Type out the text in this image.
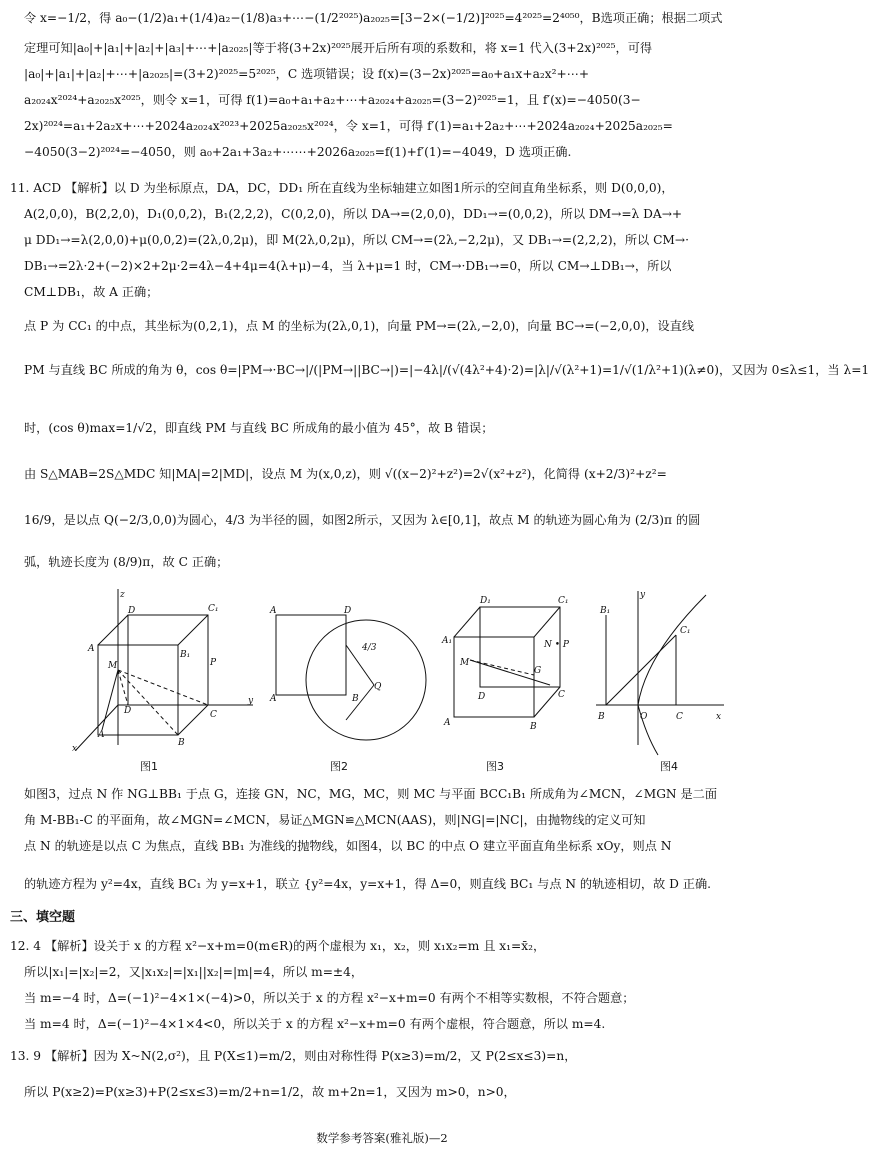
令 x=−1/2，得 a₀−(1/2)a₁+(1/4)a₂−(1/8)a₃+⋯−(1/2²⁰²⁵)a₂₀₂₅=[3−2×(−1/2)]²⁰²⁵=4²⁰²⁵=2⁴⁰⁵⁰，B选项正确；根据二项式
定理可知|a₀|+|a₁|+|a₂|+|a₃|+⋯+|a₂₀₂₅|等于将(3+2x)²⁰²⁵展开后所有项的系数和，将 x=1 代入(3+2x)²⁰²⁵，可得
|a₀|+|a₁|+|a₂|+⋯+|a₂₀₂₅|=(3+2)²⁰²⁵=5²⁰²⁵，C 选项错误；设 f(x)=(3−2x)²⁰²⁵=a₀+a₁x+a₂x²+⋯+
a₂₀₂₄x²⁰²⁴+a₂₀₂₅x²⁰²⁵，则令 x=1，可得 f(1)=a₀+a₁+a₂+⋯+a₂₀₂₄+a₂₀₂₅=(3−2)²⁰²⁵=1，且 f′(x)=−4050(3−
2x)²⁰²⁴=a₁+2a₂x+⋯+2024a₂₀₂₄x²⁰²³+2025a₂₀₂₅x²⁰²⁴，令 x=1，可得 f′(1)=a₁+2a₂+⋯+2024a₂₀₂₄+2025a₂₀₂₅=
−4050(3−2)²⁰²⁴=−4050，则 a₀+2a₁+3a₂+⋯⋯+2026a₂₀₂₅=f(1)+f′(1)=−4049，D 选项正确.
11. ACD 【解析】以 D 为坐标原点，DA，DC，DD₁ 所在直线为坐标轴建立如图1所示的空间直角坐标系，则 D(0,0,0)，
A(2,0,0)，B(2,2,0)，D₁(0,0,2)，B₁(2,2,2)，C(0,2,0)，所以 DA→=(2,0,0)，DD₁→=(0,0,2)，所以 DM→=λ DA→+
μ DD₁→=λ(2,0,0)+μ(0,0,2)=(2λ,0,2μ)，即 M(2λ,0,2μ)，所以 CM→=(2λ,−2,2μ)，又 DB₁→=(2,2,2)，所以 CM→·
DB₁→=2λ·2+(−2)×2+2μ·2=4λ−4+4μ=4(λ+μ)−4，当 λ+μ=1 时，CM→·DB₁→=0，所以 CM→⊥DB₁→，所以
CM⊥DB₁，故 A 正确；
点 P 为 CC₁ 的中点，其坐标为(0,2,1)，点 M 的坐标为(2λ,0,1)，向量 PM→=(2λ,−2,0)，向量 BC→=(−2,0,0)，设直线
PM 与直线 BC 所成的角为 θ，cos θ=|PM→·BC→|/(|PM→||BC→|)=|−4λ|/(√(4λ²+4)·2)=|λ|/√(λ²+1)=1/√(1/λ²+1)(λ≠0)，又因为 0≤λ≤1，当 λ=1
时，(cos θ)max=1/√2，即直线 PM 与直线 BC 所成角的最小值为 45°，故 B 错误；
由 S△MAB=2S△MDC 知|MA|=2|MD|，设点 M 为(x,0,z)，则 √((x−2)²+z²)=2√(x²+z²)，化简得 (x+2/3)²+z²=
16/9，是以点 Q(−2/3,0,0)为圆心，4/3 为半径的圆，如图2所示，又因为 λ∈[0,1]，故点 M 的轨迹为圆心角为 (2/3)π 的圆
弧，轨迹长度为 (8/9)π，故 C 正确；
z
D	C₁
A
B₁
P
M
D	C
y
A
B
x
A	D
A	B
Q
4/3
D₁	C₁
A₁
M
N • P
G
D	C
A	B
y
B₁
C₁
B	O	C	x
图1	图2	图3	图4
如图3，过点 N 作 NG⊥BB₁ 于点 G，连接 GN，NC，MG，MC，则 MC 与平面 BCC₁B₁ 所成角为∠MCN，∠MGN 是二面
角 M-BB₁-C 的平面角，故∠MGN=∠MCN，易证△MGN≌△MCN(AAS)，则|NG|=|NC|，由抛物线的定义可知
点 N 的轨迹是以点 C 为焦点，直线 BB₁ 为准线的抛物线，如图4，以 BC 的中点 O 建立平面直角坐标系 xOy，则点 N
的轨迹方程为 y²=4x，直线 BC₁ 为 y=x+1，联立 {y²=4x，y=x+1，得 Δ=0，则直线 BC₁ 与点 N 的轨迹相切，故 D 正确.
三、填空题
12. 4 【解析】设关于 x 的方程 x²−x+m=0(m∈R)的两个虚根为 x₁，x₂，则 x₁x₂=m 且 x₁=x̄₂，
所以|x₁|=|x₂|=2，又|x₁x₂|=|x₁||x₂|=|m|=4，所以 m=±4，
当 m=−4 时，Δ=(−1)²−4×1×(−4)>0，所以关于 x 的方程 x²−x+m=0 有两个不相等实数根，不符合题意；
当 m=4 时，Δ=(−1)²−4×1×4<0，所以关于 x 的方程 x²−x+m=0 有两个虚根，符合题意，所以 m=4.
13. 9 【解析】因为 X~N(2,σ²)，且 P(X≤1)=m/2，则由对称性得 P(x≥3)=m/2，又 P(2≤x≤3)=n，
所以 P(x≥2)=P(x≥3)+P(2≤x≤3)=m/2+n=1/2，故 m+2n=1，又因为 m>0，n>0，
数学参考答案(雅礼版)—2
